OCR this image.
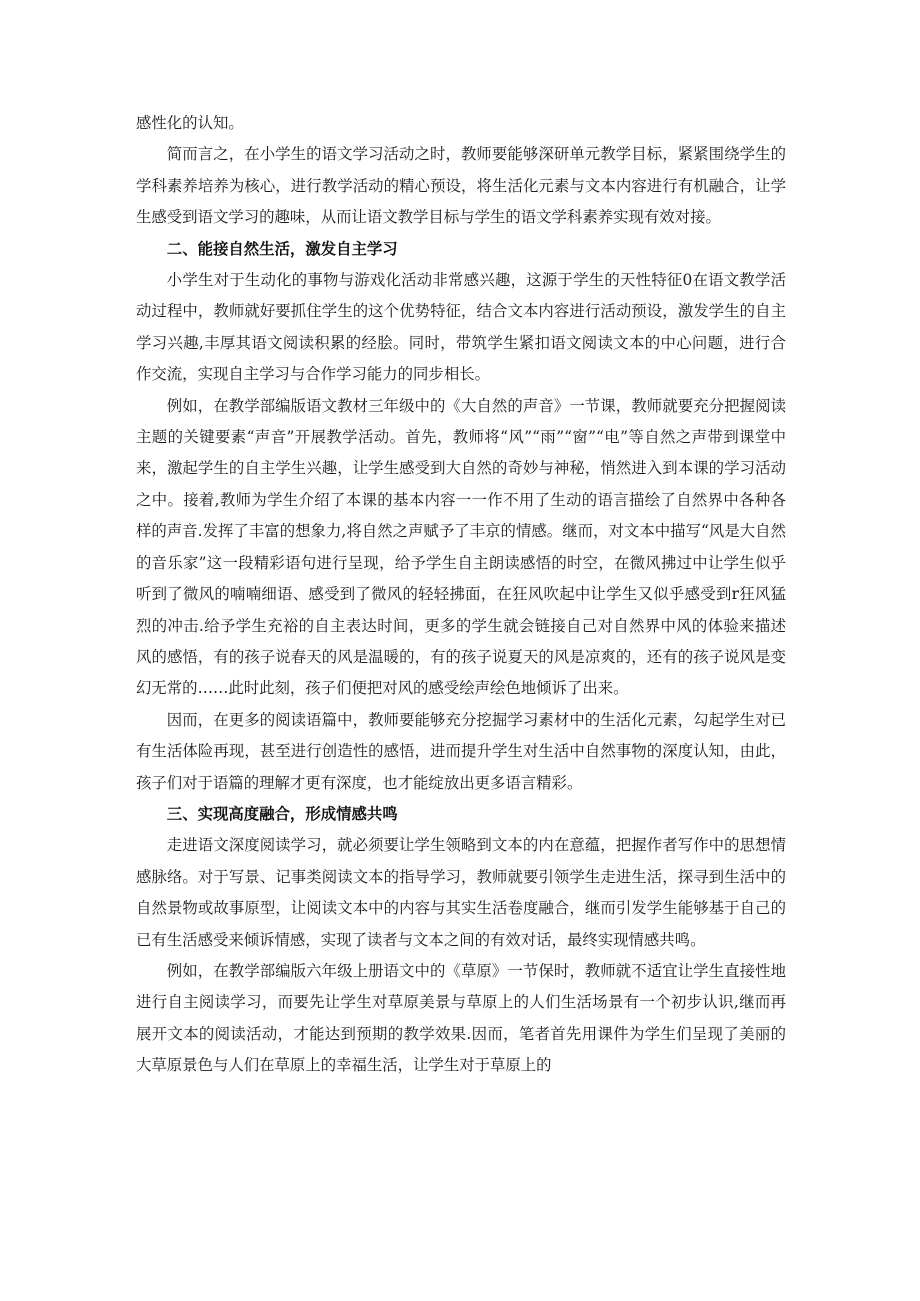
感性化的认知。

简而言之，在小学生的语文学习活动之时，教师要能够深研单元教学目标，紧紧围绕学生的学科素养培养为核心，进行教学活动的精心预设，将生活化元素与文本内容进行有机融合，让学生感受到语文学习的趣味，从而让语文教学目标与学生的语文学科素养实现有效对接。

二、能接自然生活，激发自主学习

小学生对于生动化的事物与游戏化活动非常感兴趣，这源于学生的天性特征0在语文教学活动过程中，教师就好要抓住学生的这个优势特征，结合文本内容进行活动预设，激发学生的自主学习兴趣,丰厚其语文阅读积累的经脍。同时，带筑学生紧扣语文阅读文本的中心问题，进行合作交流，实现自主学习与合作学习能力的同步相长。

例如，在教学部编版语文教材三年级中的《大自然的声音》一节课，教师就要充分把握阅读主题的关键要素“声音”开展教学活动。首先，教师将“风”“雨”“窗”“电”等自然之声带到课堂中来，激起学生的自主学生兴趣，让学生感受到大自然的奇妙与神秘，悄然进入到本课的学习活动之中。接着,教师为学生介绍了本课的基本内容一一作不用了生动的语言描绘了自然界中各种各样的声音.发挥了丰富的想象力,将自然之声赋予了丰京的情感。继而，对文本中描写“风是大自然的音乐家”这一段精彩语句进行呈现，给予学生自主朗读感悟的时空，在微风拂过中让学生似乎听到了微风的喃喃细语、感受到了微风的轻轻拂面，在狂风吹起中让学生又似乎感受到r狂风猛烈的冲击.给予学生充裕的自主表达时间，更多的学生就会链接自己对自然界中风的体验来描述风的感悟，有的孩子说春天的风是温暖的，有的孩子说夏天的风是凉爽的，还有的孩子说风是变幻无常的……此时此刻，孩子们便把对风的感受绘声绘色地倾诉了出来。

因而，在更多的阅读语篇中，教师要能够充分挖掘学习素材中的生活化元素，勾起学生对已有生活体险再现，甚至进行创造性的感悟，进而提升学生对生活中自然事物的深度认知，由此，孩子们对于语篇的理解才更有深度，也才能绽放出更多语言精彩。

三、实现高度融合，形成情感共鸣

走进语文深度阅读学习，就必须要让学生领略到文本的内在意蕴，把握作者写作中的思想情感脉络。对于写景、记事类阅读文本的指导学习，教师就要引领学生走进生活，探寻到生活中的自然景物或故事原型，让阅读文本中的内容与其实生活卷度融合，继而引发学生能够基于自己的已有生活感受来倾诉情感，实现了读者与文本之间的有效对话，最终实现情感共鸣。

例如，在教学部编版六年级上册语文中的《草原》一节保时，教师就不适宜让学生直接性地进行自主阅读学习，而要先让学生对草原美景与草原上的人们生活场景有一个初步认识,继而再展开文本的阅读活动，才能达到预期的教学效果.因而，笔者首先用课件为学生们呈现了美丽的大草原景色与人们在草原上的幸福生活，让学生对于草原上的
